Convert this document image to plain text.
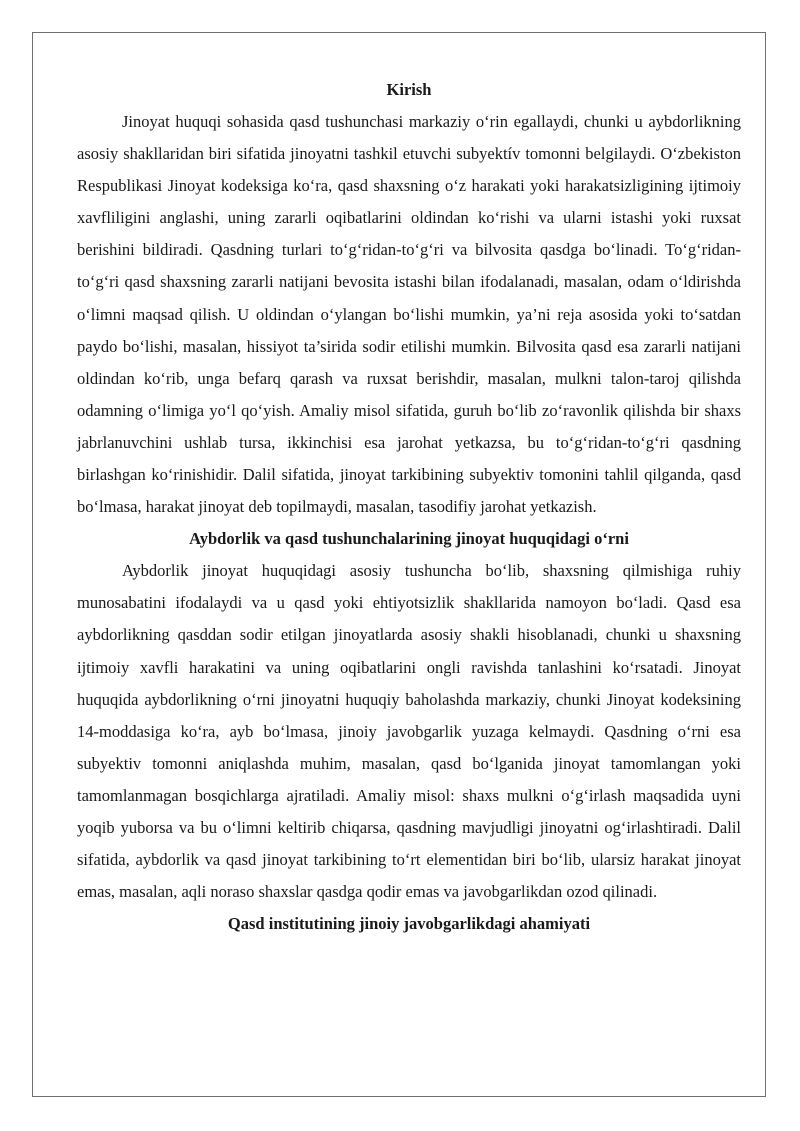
Kirish

Jinoyat huquqi sohasida qasd tushunchasi markaziy o‘rin egallaydi, chunki u aybdorlikning asosiy shakllaridan biri sifatida jinoyatni tashkil etuvchi subyektív tomonni belgilaydi. O‘zbekiston Respublikasi Jinoyat kodeksiga ko‘ra, qasd shaxsning o‘z harakati yoki harakatsizligining ijtimoiy xavfliligini anglashi, uning zararli oqibatlarini oldindan ko‘rishi va ularni istashi yoki ruxsat berishini bildiradi. Qasdning turlari to‘g‘ridan-to‘g‘ri va bilvosita qasdga bo‘linadi. To‘g‘ridan-to‘g‘ri qasd shaxsning zararli natijani bevosita istashi bilan ifodalanadi, masalan, odam o‘ldirishda o‘limni maqsad qilish. U oldindan o‘ylangan bo‘lishi mumkin, ya’ni reja asosida yoki to‘satdan paydo bo‘lishi, masalan, hissiyot ta’sirida sodir etilishi mumkin. Bilvosita qasd esa zararli natijani oldindan ko‘rib, unga befarq qarash va ruxsat berishdir, masalan, mulkni talon-taroj qilishda odamning o‘limiga yo‘l qo‘yish. Amaliy misol sifatida, guruh bo‘lib zo‘ravonlik qilishda bir shaxs jabrlanuvchini ushlab tursa, ikkinchisi esa jarohat yetkazsa, bu to‘g‘ridan-to‘g‘ri qasdning birlashgan ko‘rinishidir. Dalil sifatida, jinoyat tarkibining subyektiv tomonini tahlil qilganda, qasd bo‘lmasa, harakat jinoyat deb topilmaydi, masalan, tasodifiy jarohat yetkazish.

Aybdorlik va qasd tushunchalarining jinoyat huquqidagi o‘rni

Aybdorlik jinoyat huquqidagi asosiy tushuncha bo‘lib, shaxsning qilmishiga ruhiy munosabatini ifodalaydi va u qasd yoki ehtiyotsizlik shakllarida namoyon bo‘ladi. Qasd esa aybdorlikning qasddan sodir etilgan jinoyatlarda asosiy shakli hisoblanadi, chunki u shaxsning ijtimoiy xavfli harakatini va uning oqibatlarini ongli ravishda tanlashini ko‘rsatadi. Jinoyat huquqida aybdorlikning o‘rni jinoyatni huquqiy baholashda markaziy, chunki Jinoyat kodeksining 14-moddasiga ko‘ra, ayb bo‘lmasa, jinoiy javobgarlik yuzaga kelmaydi. Qasdning o‘rni esa subyektiv tomonni aniqlashda muhim, masalan, qasd bo‘lganida jinoyat tamomlangan yoki tamomlanmagan bosqichlarga ajratiladi. Amaliy misol: shaxs mulkni o‘g‘irlash maqsadida uyni yoqib yuborsa va bu o‘limni keltirib chiqarsa, qasdning mavjudligi jinoyatni og‘irlashtiradi. Dalil sifatida, aybdorlik va qasd jinoyat tarkibining to‘rt elementidan biri bo‘lib, ularsiz harakat jinoyat emas, masalan, aqli noraso shaxslar qasdga qodir emas va javobgarlikdan ozod qilinadi.

Qasd institutining jinoiy javobgarlikdagi ahamiyati
